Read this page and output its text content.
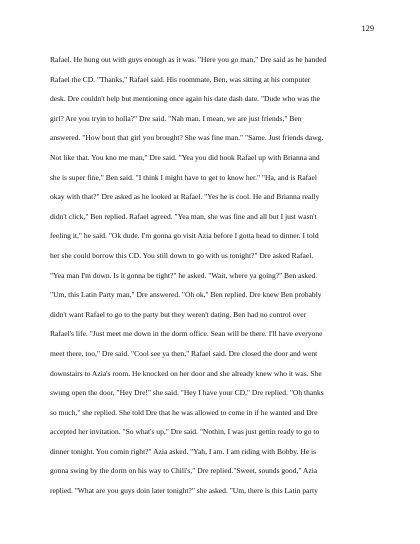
129
Rafael. He hung out with guys enough as it was. "Here you go man," Dre said as he handed
Rafael the CD. "Thanks," Rafael said. His roommate, Ben, was sitting at his computer
desk. Dre couldn't help but mentioning once again his date dash date. "Dude who was the
girl? Are you tryin to holla?" Dre said. "Nah man. I mean, we are just friends," Ben
answered. "How bout that girl you brought? She was fine man." "Same. Just friends dawg.
Not like that. You kno me man," Dre said. "Yea you did hook Rafael up with Brianna and
she is super fine," Ben said. "I think I might have to get to know her." "Ha, and is Rafael
okay with that?" Dre asked as he looked at Rafael. "Yes he is cool. He and Brianna really
didn't click," Ben replied. Rafael agreed. "Yea man, she was fine and all but I just wasn't
feeling it," he said. "Ok dude. I'm gonna go visit Azia before I gotta head to dinner. I told
her she could borrow this CD. You still down to go with us tonight?" Dre asked Rafael.
"Yea man I'm down. Is it gonna be tight?" he asked. "Wait, where ya going?" Ben asked.
"Um, this Latin Party man," Dre answered. "Oh ok," Ben replied. Dre knew Ben probably
didn't want Rafael to go to the party but they weren't dating. Ben had no control over
Rafael's life. "Just meet me down in the dorm office. Sean will be there. I'll have everyone
meet there, too," Dre said. "Cool see ya then," Rafael said. Dre closed the door and went
downstairs to Azia's room. He knocked on her door and she already knew who it was. She
swung open the door, "Hey Dre!" she said. "Hey I have your CD," Dre replied. "Oh thanks
so much," she replied. She told Dre that he was allowed to come in if he wanted and Dre
accepted her invitation. "So what's up," Dre said. "Nothin, I was just gettin ready to go to
dinner tonight. You comin right?" Azia asked. "Yah, I am. I am riding with Bobby. He is
gonna swing by the dorm on his way to Chili's," Dre replied."Sweet, sounds good," Azia
replied. "What are you guys doin later tonight?" she asked. "Um, there is this Latin party
